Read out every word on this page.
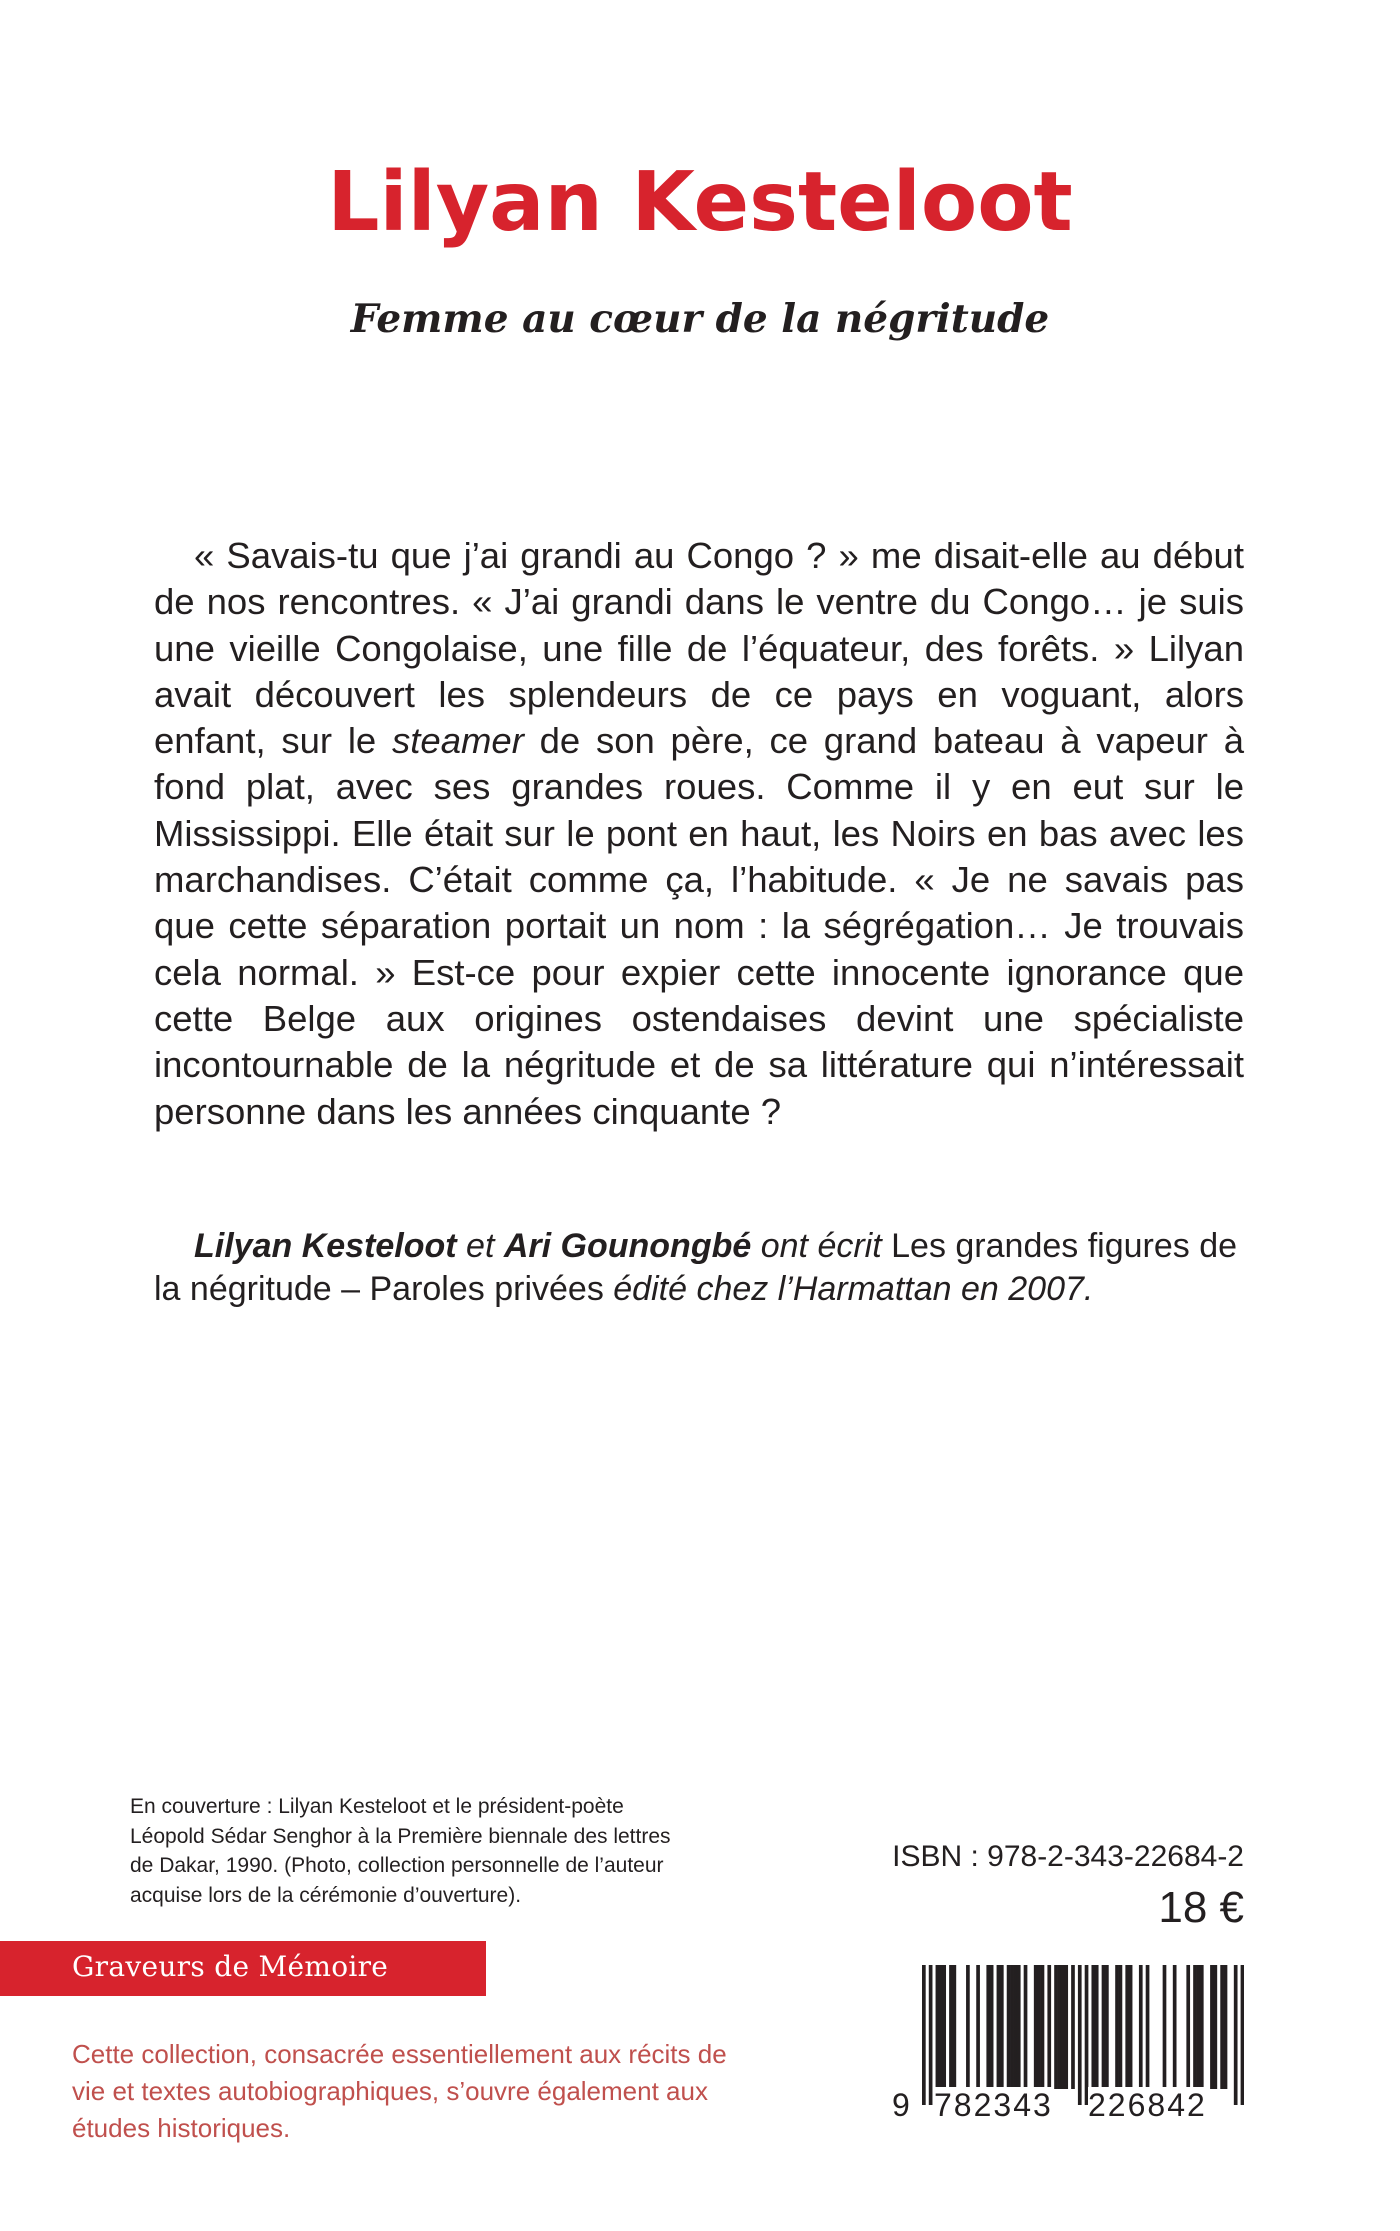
Lilyan Kesteloot
Femme au cœur de la négritude

« Savais-tu que j’ai grandi au Congo ? » me disait-elle au début de nos rencontres. « J’ai grandi dans le ventre du Congo… je suis une vieille Congolaise, une fille de l’équateur, des forêts. » Lilyan avait découvert les splendeurs de ce pays en voguant, alors enfant, sur le steamer de son père, ce grand bateau à vapeur à fond plat, avec ses grandes roues. Comme il y en eut sur le Mississippi. Elle était sur le pont en haut, les Noirs en bas avec les marchandises. C’était comme ça, l’habitude. « Je ne savais pas que cette séparation portait un nom : la ségrégation… Je trouvais cela normal. » Est-ce pour expier cette innocente ignorance que cette Belge aux origines ostendaises devint une spécialiste incontournable de la négritude et de sa littérature qui n’intéressait personne dans les années cinquante ?

Lilyan Kesteloot et Ari Gounongbé ont écrit Les grandes figures de la négritude – Paroles privées édité chez l’Harmattan en 2007.

En couverture : Lilyan Kesteloot et le président-poète Léopold Sédar Senghor à la Première biennale des lettres de Dakar, 1990. (Photo, collection personnelle de l’auteur acquise lors de la cérémonie d’ouverture).

ISBN : 978-2-343-22684-2

18 €

Graveurs de Mémoire

Cette collection, consacrée essentiellement aux récits de vie et textes autobiographiques, s’ouvre également aux études historiques.

9 782343 226842
